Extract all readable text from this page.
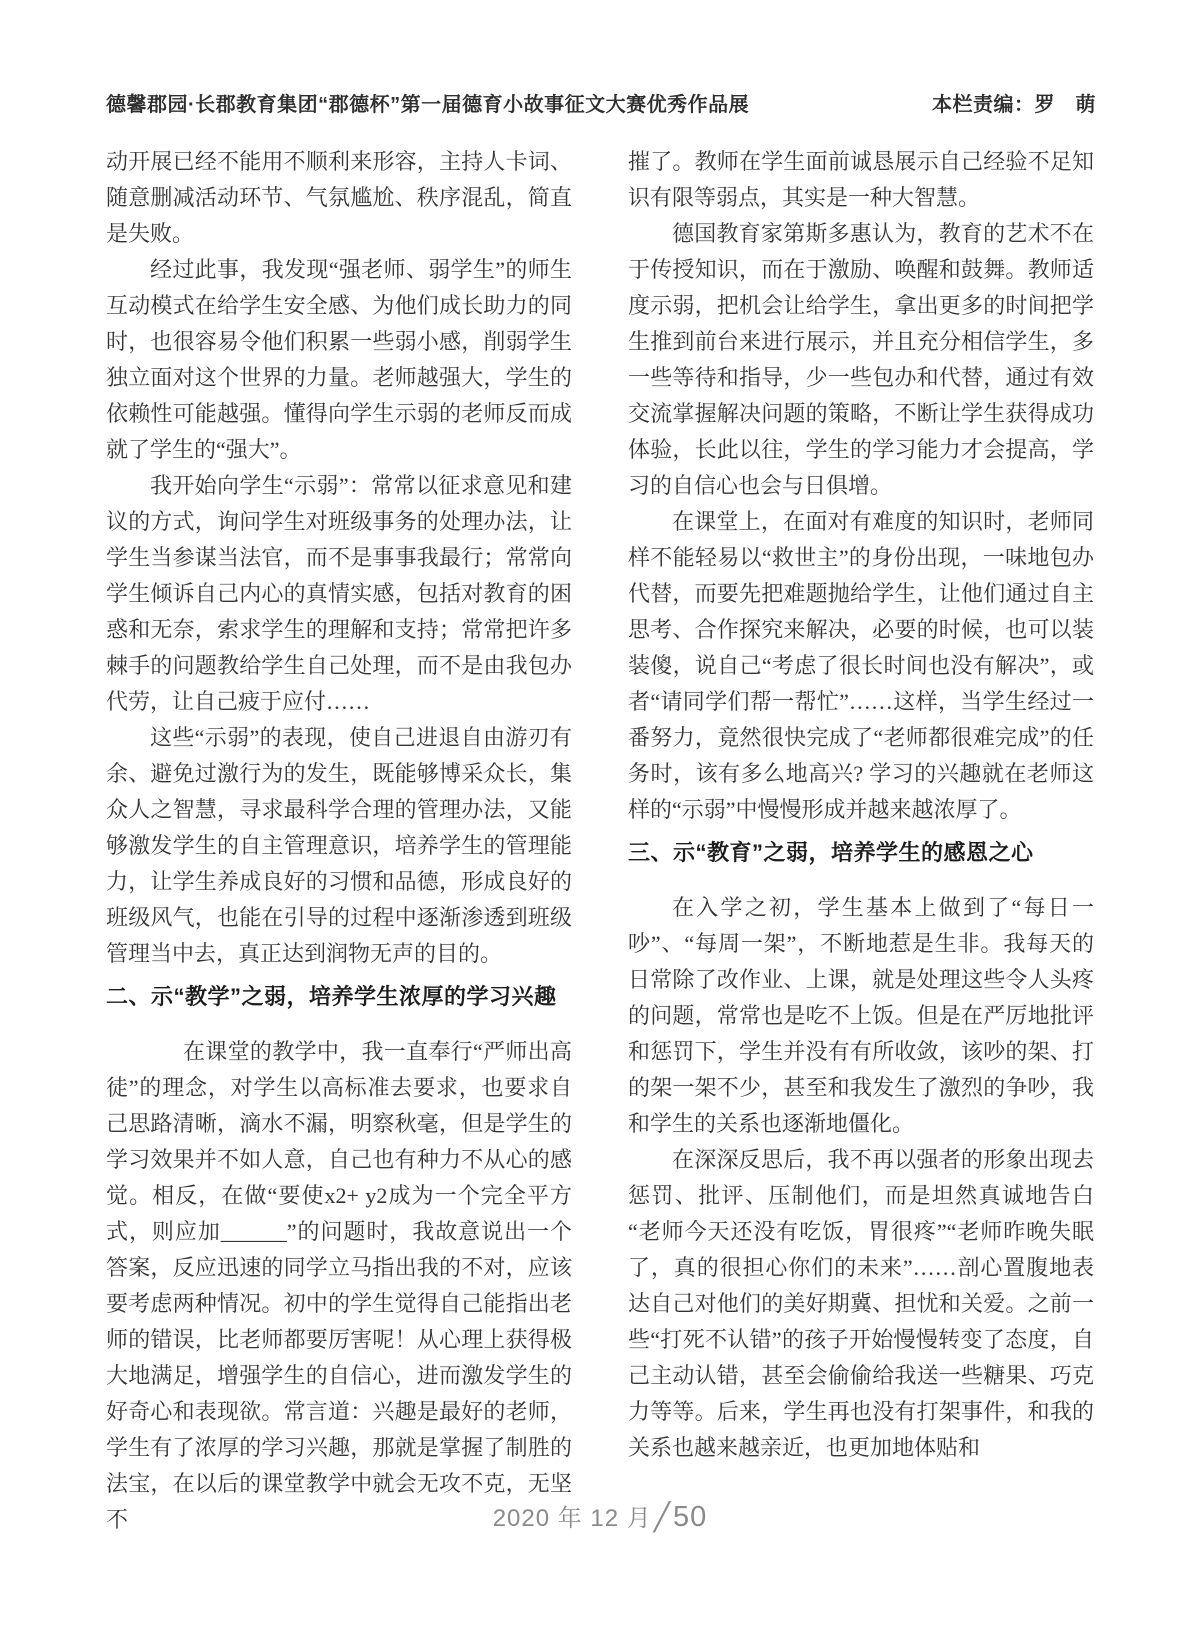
德馨郡园·长郡教育集团“郡德杯”第一届德育小故事征文大赛优秀作品展	本栏责编：罗　萌

动开展已经不能用不顺利来形容，主持人卡词、随意删减活动环节、气氛尴尬、秩序混乱，简直是失败。

经过此事，我发现“强老师、弱学生”的师生互动模式在给学生安全感、为他们成长助力的同时，也很容易令他们积累一些弱小感，削弱学生独立面对这个世界的力量。老师越强大，学生的依赖性可能越强。懂得向学生示弱的老师反而成就了学生的“强大”。

我开始向学生“示弱”：常常以征求意见和建议的方式，询问学生对班级事务的处理办法，让学生当参谋当法官，而不是事事我最行；常常向学生倾诉自己内心的真情实感，包括对教育的困惑和无奈，索求学生的理解和支持；常常把许多棘手的问题教给学生自己处理，而不是由我包办代劳，让自己疲于应付……

这些“示弱”的表现，使自己进退自由游刃有余、避免过激行为的发生，既能够博采众长，集众人之智慧，寻求最科学合理的管理办法，又能够激发学生的自主管理意识，培养学生的管理能力，让学生养成良好的习惯和品德，形成良好的班级风气，也能在引导的过程中逐渐渗透到班级管理当中去，真正达到润物无声的目的。

二、示“教学”之弱，培养学生浓厚的学习兴趣

在课堂的教学中，我一直奉行“严师出高徒”的理念，对学生以高标准去要求，也要求自己思路清晰，滴水不漏，明察秋毫，但是学生的学习效果并不如人意，自己也有种力不从心的感觉。相反，在做“要使x2+ y2成为一个完全平方式，则应加______”的问题时，我故意说出一个答案，反应迅速的同学立马指出我的不对，应该要考虑两种情况。初中的学生觉得自己能指出老师的错误，比老师都要厉害呢！从心理上获得极大地满足，增强学生的自信心，进而激发学生的好奇心和表现欲。常言道：兴趣是最好的老师，学生有了浓厚的学习兴趣，那就是掌握了制胜的法宝，在以后的课堂教学中就会无攻不克，无坚不

摧了。教师在学生面前诚恳展示自己经验不足知识有限等弱点，其实是一种大智慧。

德国教育家第斯多惠认为，教育的艺术不在于传授知识，而在于激励、唤醒和鼓舞。教师适度示弱，把机会让给学生，拿出更多的时间把学生推到前台来进行展示，并且充分相信学生，多一些等待和指导，少一些包办和代替，通过有效交流掌握解决问题的策略，不断让学生获得成功体验，长此以往，学生的学习能力才会提高，学习的自信心也会与日俱增。

在课堂上，在面对有难度的知识时，老师同样不能轻易以“救世主”的身份出现，一味地包办代替，而要先把难题抛给学生，让他们通过自主思考、合作探究来解决，必要的时候，也可以装装傻，说自己“考虑了很长时间也没有解决”，或者“请同学们帮一帮忙”……这样，当学生经过一番努力，竟然很快完成了“老师都很难完成”的任务时，该有多么地高兴? 学习的兴趣就在老师这样的“示弱”中慢慢形成并越来越浓厚了。

三、示“教育”之弱，培养学生的感恩之心

在入学之初，学生基本上做到了“每日一吵”、“每周一架”，不断地惹是生非。我每天的日常除了改作业、上课，就是处理这些令人头疼的问题，常常也是吃不上饭。但是在严厉地批评和惩罚下，学生并没有有所收敛，该吵的架、打的架一架不少，甚至和我发生了激烈的争吵，我和学生的关系也逐渐地僵化。

在深深反思后，我不再以强者的形象出现去惩罚、批评、压制他们，而是坦然真诚地告白“老师今天还没有吃饭，胃很疼”“老师昨晚失眠了，真的很担心你们的未来”……剖心置腹地表达自己对他们的美好期冀、担忧和关爱。之前一些“打死不认错”的孩子开始慢慢转变了态度，自己主动认错，甚至会偷偷给我送一些糖果、巧克力等等。后来，学生再也没有打架事件，和我的关系也越来越亲近，也更加地体贴和

2020 年 12 月╱50
